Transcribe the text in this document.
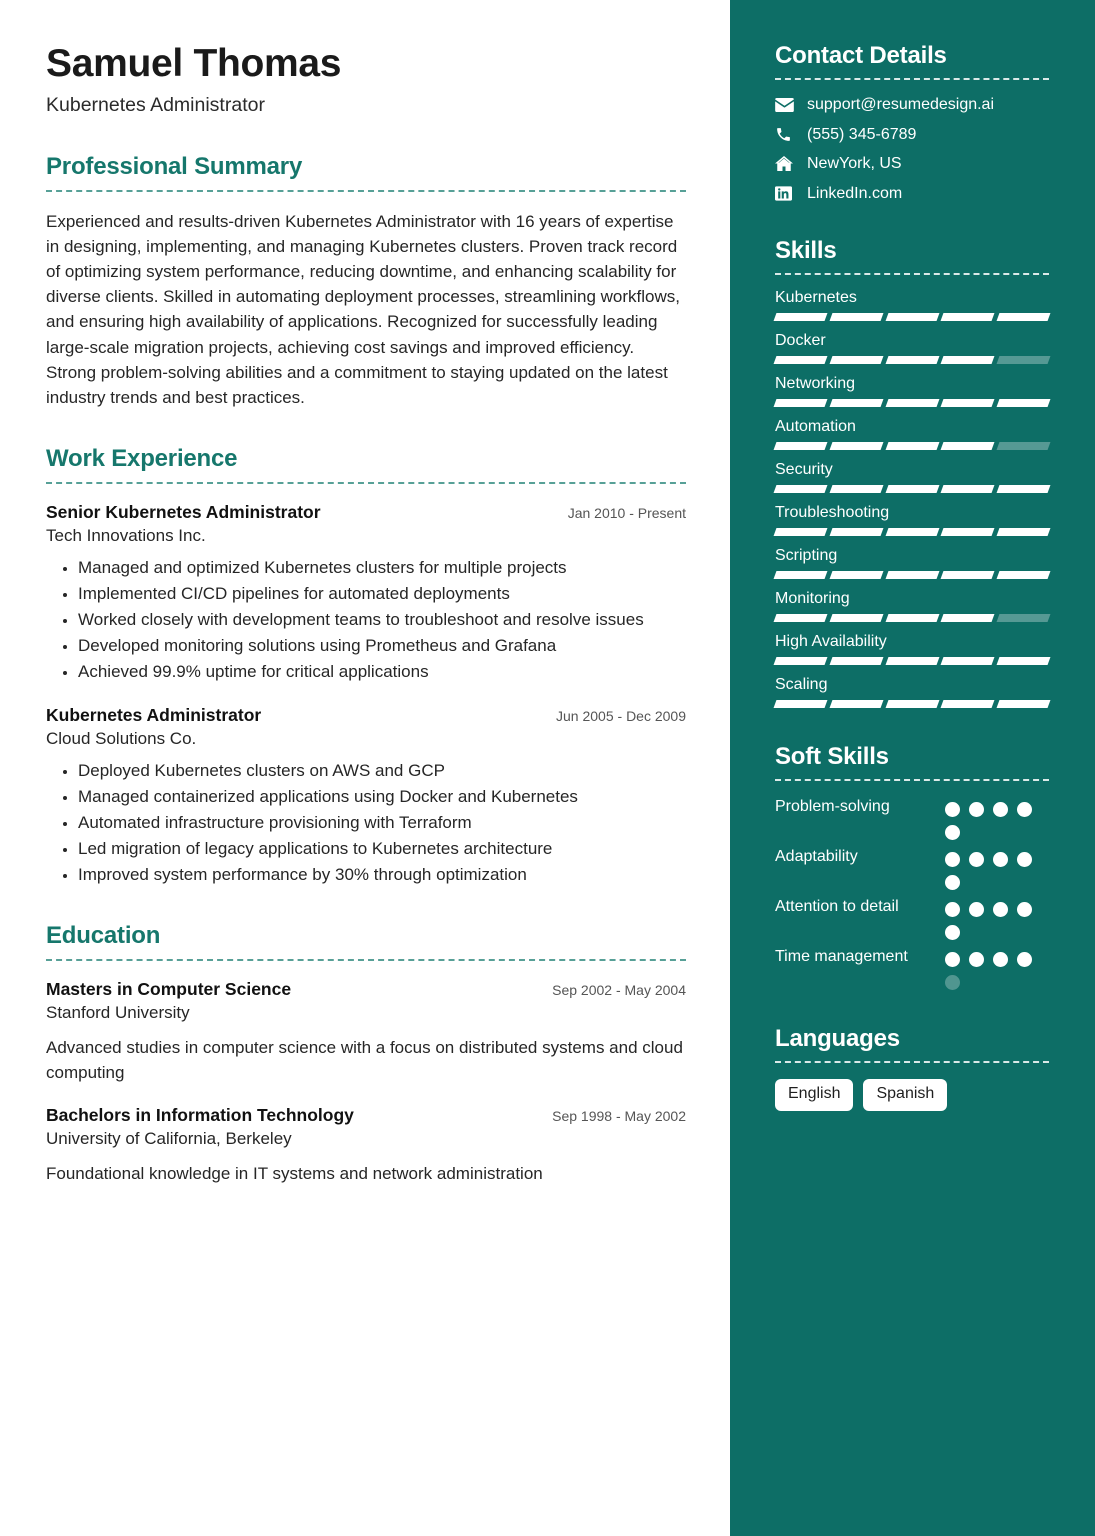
Samuel Thomas
Kubernetes Administrator
Professional Summary
Experienced and results-driven Kubernetes Administrator with 16 years of expertise in designing, implementing, and managing Kubernetes clusters. Proven track record of optimizing system performance, reducing downtime, and enhancing scalability for diverse clients. Skilled in automating deployment processes, streamlining workflows, and ensuring high availability of applications. Recognized for successfully leading large-scale migration projects, achieving cost savings and improved efficiency. Strong problem-solving abilities and a commitment to staying updated on the latest industry trends and best practices.
Work Experience
Senior Kubernetes Administrator	Jan 2010 - Present
Tech Innovations Inc.
• Managed and optimized Kubernetes clusters for multiple projects
• Implemented CI/CD pipelines for automated deployments
• Worked closely with development teams to troubleshoot and resolve issues
• Developed monitoring solutions using Prometheus and Grafana
• Achieved 99.9% uptime for critical applications
Kubernetes Administrator	Jun 2005 - Dec 2009
Cloud Solutions Co.
• Deployed Kubernetes clusters on AWS and GCP
• Managed containerized applications using Docker and Kubernetes
• Automated infrastructure provisioning with Terraform
• Led migration of legacy applications to Kubernetes architecture
• Improved system performance by 30% through optimization
Education
Masters in Computer Science	Sep 2002 - May 2004
Stanford University
Advanced studies in computer science with a focus on distributed systems and cloud computing
Bachelors in Information Technology	Sep 1998 - May 2002
University of California, Berkeley
Foundational knowledge in IT systems and network administration
Contact Details
support@resumedesign.ai
(555) 345-6789
NewYork, US
LinkedIn.com
Skills
Kubernetes
Docker
Networking
Automation
Security
Troubleshooting
Scripting
Monitoring
High Availability
Scaling
Soft Skills
Problem-solving
Adaptability
Attention to detail
Time management
Languages
English	Spanish
